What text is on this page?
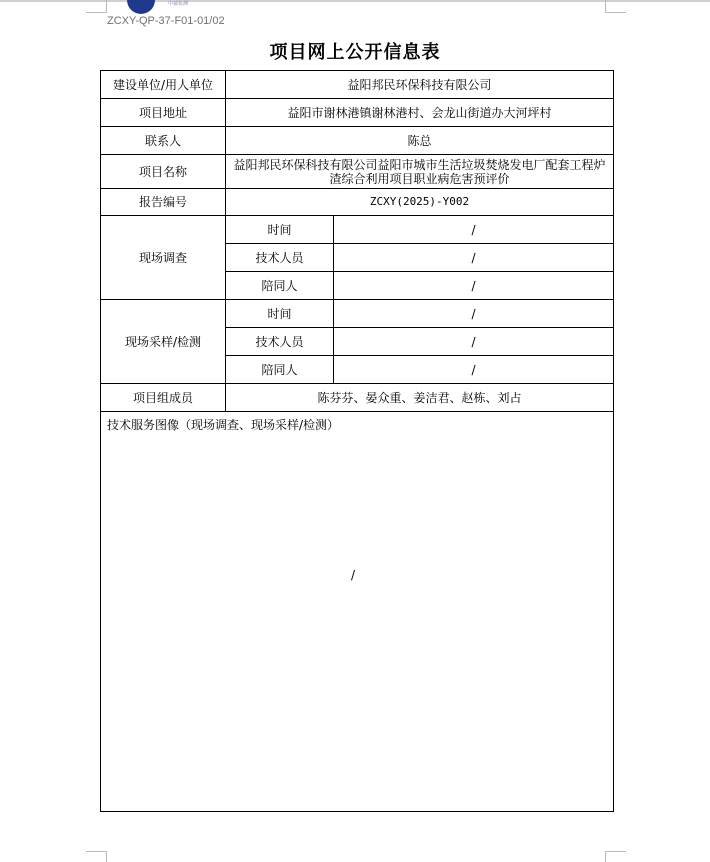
中诚检测
ZCXY-QP-37-F01-01/02
项目网上公开信息表
建设单位/用人单位	益阳邦民环保科技有限公司	
项目地址	益阳市谢林港镇谢林港村、会龙山街道办大河坪村	
联系人	陈总	
项目名称	益阳邦民环保科技有限公司益阳市城市生活垃圾焚烧发电厂配套工程炉渣综合利用项目职业病危害预评价	
报告编号	ZCXY(2025)-Y002	
现场调查	时间	/
	技术人员	/
	陪同人	/
现场采样/检测	时间	/
	技术人员	/
	陪同人	/
项目组成员	陈芬芬、晏众重、姜洁君、赵栋、刘占	
技术服务图像（现场调查、现场采样/检测）
/		
